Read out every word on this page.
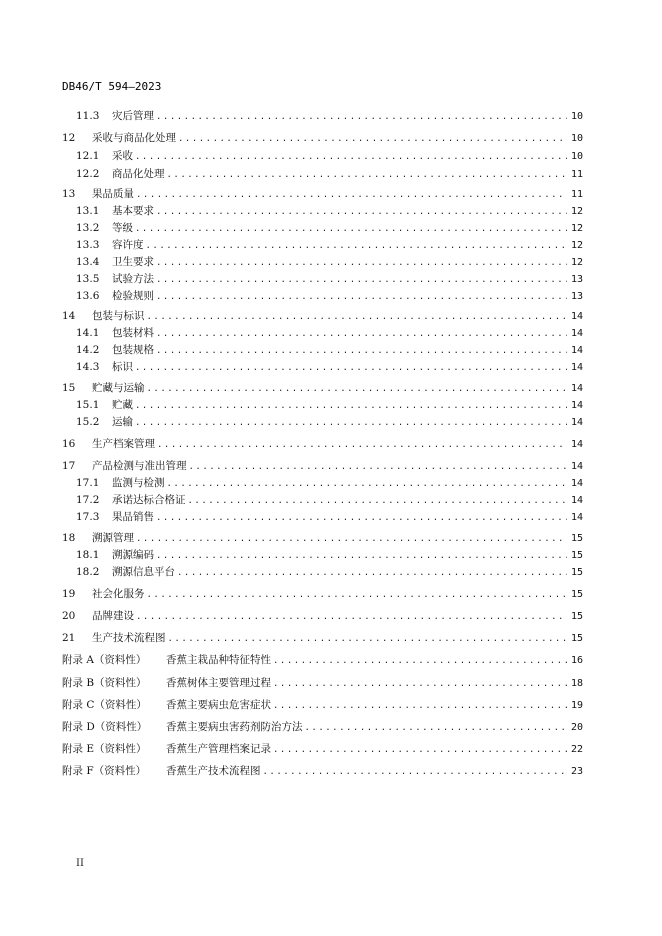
DB46/T 594—2023
11.3	灾后管理 .....	10
12	采收与商品化处理 .....	10
12.1	采收 .....	10
12.2	商品化处理 .....	11
13	果品质量 .....	11
13.1	基本要求 .....	12
13.2	等级 .....	12
13.3	容许度 .....	12
13.4	卫生要求 .....	12
13.5	试验方法 .....	13
13.6	检验规则 .....	13
14	包装与标识 .....	14
14.1	包装材料 .....	14
14.2	包装规格 .....	14
14.3	标识 .....	14
15	贮藏与运输 .....	14
15.1	贮藏 .....	14
15.2	运输 .....	14
16	生产档案管理 .....	14
17	产品检测与准出管理 .....	14
17.1	监测与检测 .....	14
17.2	承诺达标合格证 .....	14
17.3	果品销售 .....	14
18	溯源管理 .....	15
18.1	溯源编码 .....	15
18.2	溯源信息平台 .....	15
19	社会化服务 .....	15
20	品牌建设 .....	15
21	生产技术流程图 .....	15
附录 A（资料性）	香蕉主栽品种特征特性 .....	16
附录 B（资料性）	香蕉树体主要管理过程 .....	18
附录 C（资料性）	香蕉主要病虫危害症状 .....	19
附录 D（资料性）	香蕉主要病虫害药剂防治方法 .....	20
附录 E（资料性）	香蕉生产管理档案记录 .....	22
附录 F（资料性）	香蕉生产技术流程图 .....	23
II
